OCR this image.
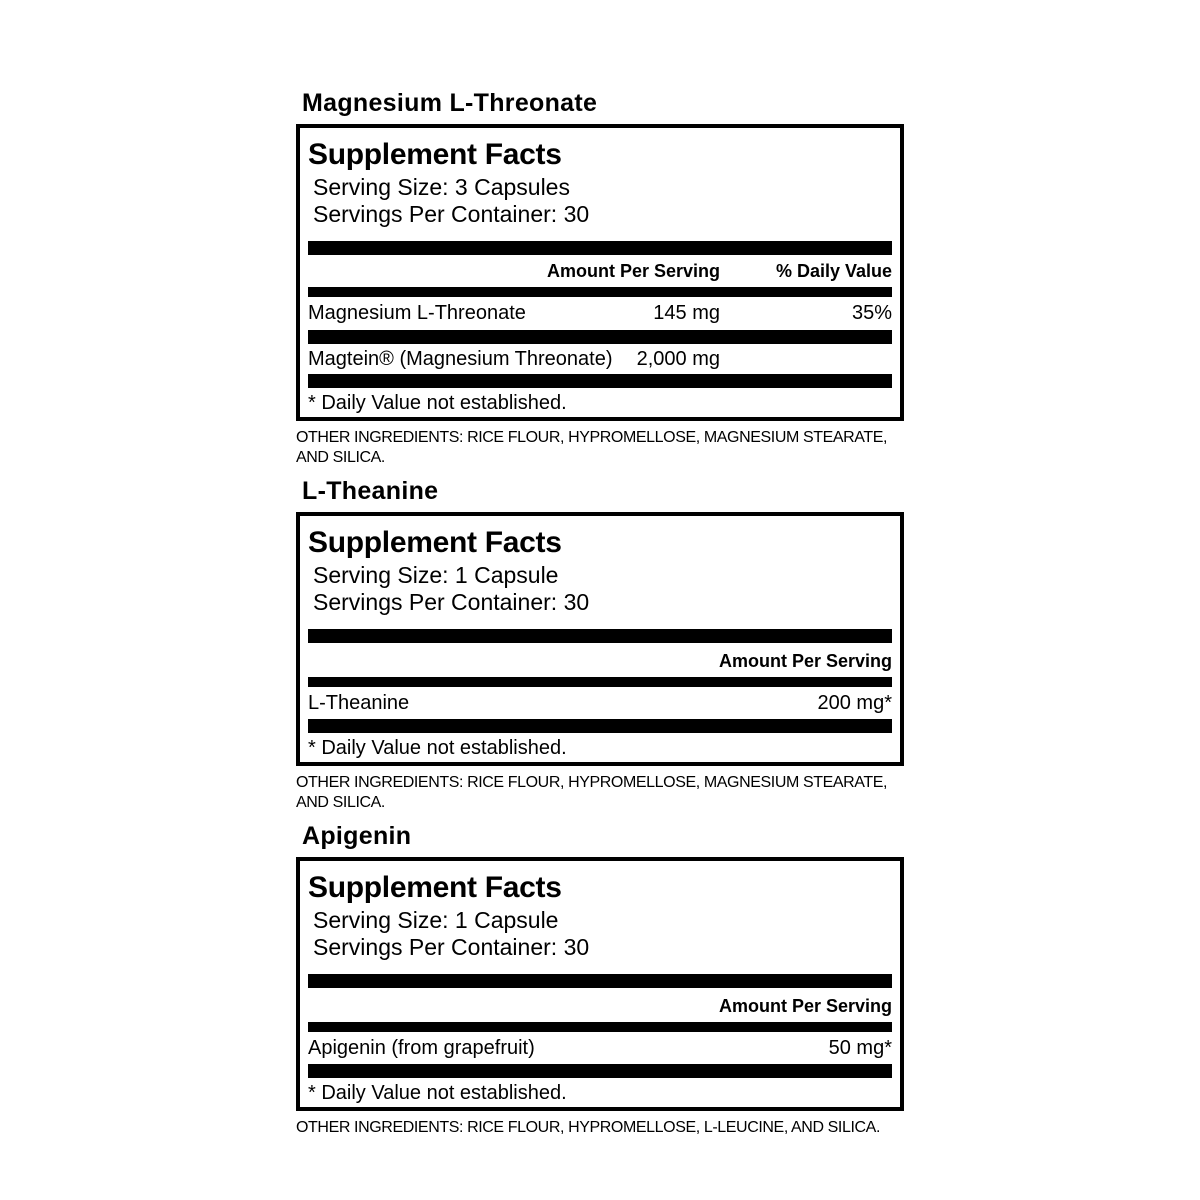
Magnesium L-Threonate
Supplement Facts
Serving Size: 3 Capsules
Servings Per Container: 30
Amount Per Serving	% Daily Value
Magnesium L-Threonate	145 mg	35%
Magtein® (Magnesium Threonate) 2,000 mg
* Daily Value not established.
OTHER INGREDIENTS: RICE FLOUR, HYPROMELLOSE, MAGNESIUM STEARATE, AND SILICA.
L-Theanine
Supplement Facts
Serving Size: 1 Capsule
Servings Per Container: 30
Amount Per Serving
L-Theanine	200 mg*
* Daily Value not established.
OTHER INGREDIENTS: RICE FLOUR, HYPROMELLOSE, MAGNESIUM STEARATE, AND SILICA.
Apigenin
Supplement Facts
Serving Size: 1 Capsule
Servings Per Container: 30
Amount Per Serving
Apigenin (from grapefruit)	50 mg*
* Daily Value not established.
OTHER INGREDIENTS: RICE FLOUR, HYPROMELLOSE, L-LEUCINE, AND SILICA.
